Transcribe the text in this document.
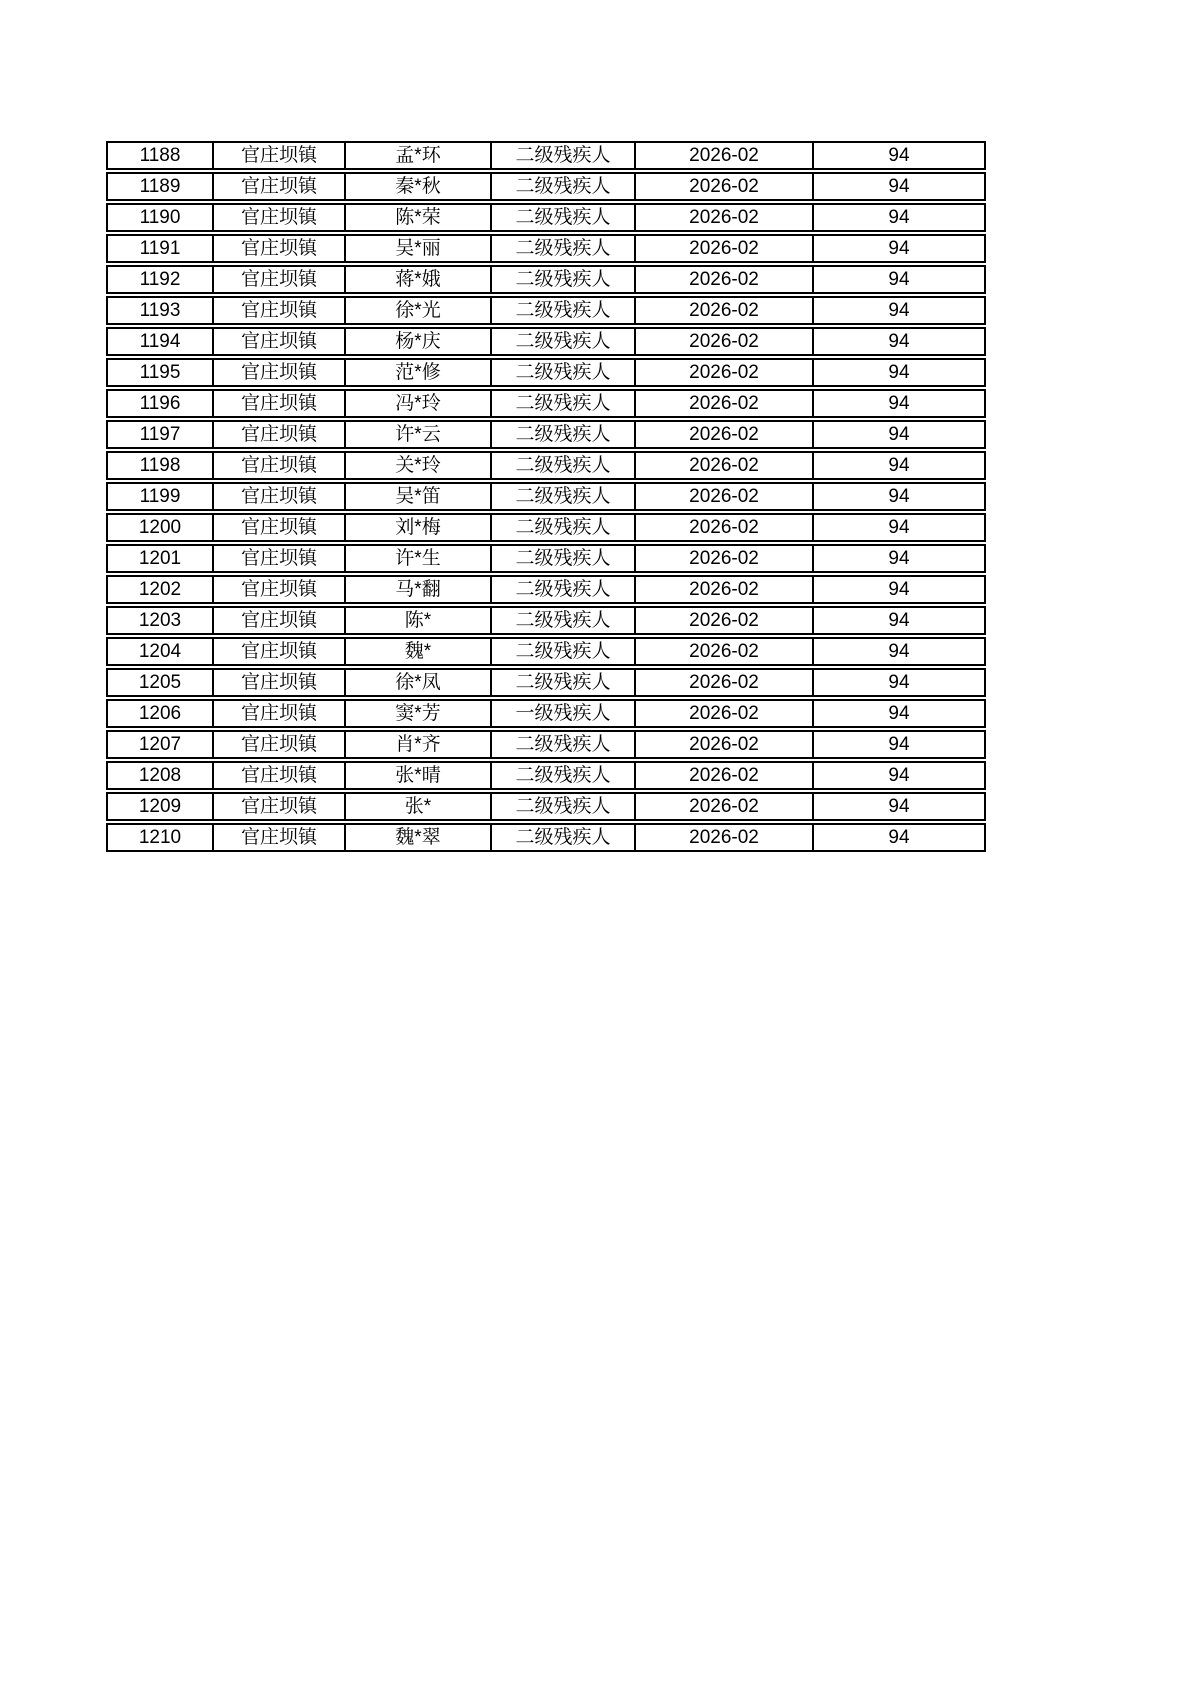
1188	官庄坝镇	孟*环	二级残疾人	2026-02	94
1189	官庄坝镇	秦*秋	二级残疾人	2026-02	94
1190	官庄坝镇	陈*荣	二级残疾人	2026-02	94
1191	官庄坝镇	吴*丽	二级残疾人	2026-02	94
1192	官庄坝镇	蒋*娥	二级残疾人	2026-02	94
1193	官庄坝镇	徐*光	二级残疾人	2026-02	94
1194	官庄坝镇	杨*庆	二级残疾人	2026-02	94
1195	官庄坝镇	范*修	二级残疾人	2026-02	94
1196	官庄坝镇	冯*玲	二级残疾人	2026-02	94
1197	官庄坝镇	许*云	二级残疾人	2026-02	94
1198	官庄坝镇	关*玲	二级残疾人	2026-02	94
1199	官庄坝镇	吴*笛	二级残疾人	2026-02	94
1200	官庄坝镇	刘*梅	二级残疾人	2026-02	94
1201	官庄坝镇	许*生	二级残疾人	2026-02	94
1202	官庄坝镇	马*翻	二级残疾人	2026-02	94
1203	官庄坝镇	陈*	二级残疾人	2026-02	94
1204	官庄坝镇	魏*	二级残疾人	2026-02	94
1205	官庄坝镇	徐*凤	二级残疾人	2026-02	94
1206	官庄坝镇	窦*芳	一级残疾人	2026-02	94
1207	官庄坝镇	肖*齐	二级残疾人	2026-02	94
1208	官庄坝镇	张*晴	二级残疾人	2026-02	94
1209	官庄坝镇	张*	二级残疾人	2026-02	94
1210	官庄坝镇	魏*翠	二级残疾人	2026-02	94
